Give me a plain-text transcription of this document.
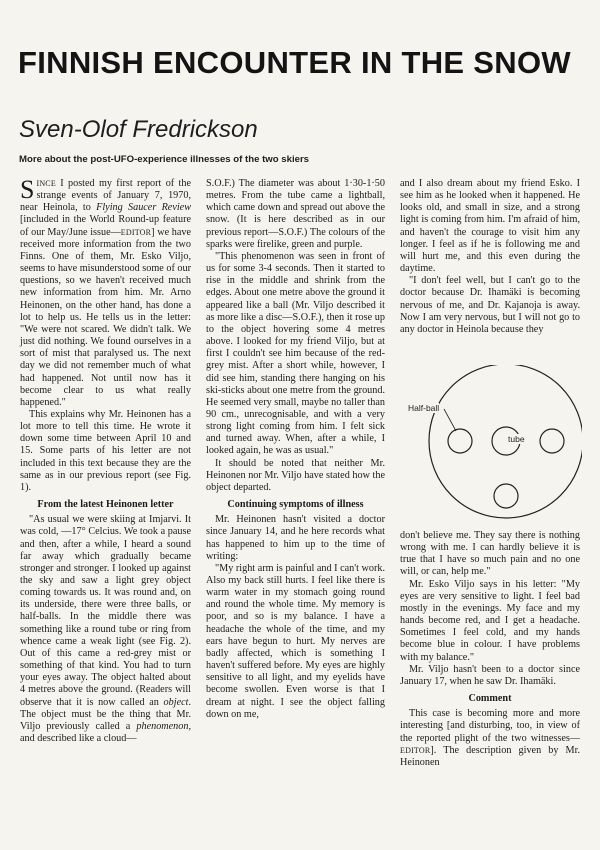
FINNISH ENCOUNTER IN THE SNOW
Sven-Olof Fredrickson
More about the post-UFO-experience illnesses of the two skiers

SINCE I posted my first report of the strange events of January 7, 1970, near Heinola, to Flying Saucer Review [included in the World Round-up feature of our May/June issue—EDITOR] we have received more information from the two Finns. One of them, Mr. Esko Viljo, seems to have misunderstood some of our questions, so we haven't received much new information from him. Mr. Arno Heinonen, on the other hand, has done a lot to help us. He tells us in the letter: "We were not scared. We didn't talk. We just did nothing. We found ourselves in a sort of mist that paralysed us. The next day we did not remember much of what had happened. Not until now has it become clear to us what really happened."

This explains why Mr. Heinonen has a lot more to tell this time. He wrote it down some time between April 10 and 15. Some parts of his letter are not included in this text because they are the same as in our previous report (see Fig. 1).

From the latest Heinonen letter

"As usual we were skiing at Imjarvi. It was cold, —17° Celcius. We took a pause and then, after a while, I heard a sound far away which gradually became stronger and stronger. I looked up against the sky and saw a light grey object coming towards us. It was round and, on its underside, there were three balls, or half-balls. In the middle there was something like a round tube or ring from whence came a weak light (see Fig. 2). Out of this came a red-grey mist or something of that kind. You had to turn your eyes away. The object halted about 4 metres above the ground. (Readers will observe that it is now called an object. The object must be the thing that Mr. Viljo previously called a phenomenon, and described like a cloud—

S.O.F.) The diameter was about 1·30-1·50 metres. From the tube came a lightball, which came down and spread out above the snow. (It is here described as in our previous report—S.O.F.) The colours of the sparks were firelike, green and purple.

"This phenomenon was seen in front of us for some 3-4 seconds. Then it started to rise in the middle and shrink from the edges. About one metre above the ground it appeared like a ball (Mr. Viljo described it as more like a disc—S.O.F.), then it rose up to the object hovering some 4 metres above. I looked for my friend Viljo, but at first I couldn't see him because of the red-grey mist. After a short while, however, I did see him, standing there hanging on his ski-sticks about one metre from the ground. He seemed very small, maybe no taller than 90 cm., unrecognisable, and with a very strong light coming from him. I felt sick and turned away. When, after a while, I looked again, he was as usual."

It should be noted that neither Mr. Heinonen nor Mr. Viljo have stated how the object departed.

Continuing symptoms of illness

Mr. Heinonen hasn't visited a doctor since January 14, and he here records what has happened to him up to the time of writing:

"My right arm is painful and I can't work. Also my back still hurts. I feel like there is warm water in my stomach going round and round the whole time. My memory is poor, and so is my balance. I have a headache the whole of the time, and my ears have begun to hurt. My nerves are badly affected, which is something I haven't suffered before. My eyes are highly sensitive to all light, and my eyelids have become swollen. Even worse is that I dream at night. I see the object falling down on me,

and I also dream about my friend Esko. I see him as he looked when it happened. He looks old, and small in size, and a strong light is coming from him. I'm afraid of him, and haven't the courage to visit him any longer. I feel as if he is following me and will hurt me, and this even during the daytime.

"I don't feel well, but I can't go to the doctor because Dr. Ihamäki is becoming nervous of me, and Dr. Kajanoja is away. Now I am very nervous, but I will not go to any doctor in Heinola because they

Half-ball
tube

don't believe me. They say there is nothing wrong with me. I can hardly believe it is true that I have so much pain and no one will, or can, help me."

Mr. Esko Viljo says in his letter: "My eyes are very sensitive to light. I feel bad mostly in the evenings. My face and my hands become red, and I get a headache. Sometimes I feel cold, and my hands become blue in colour. I have problems with my balance."

Mr. Viljo hasn't been to a doctor since January 17, when he saw Dr. Ihamäki.

Comment

This case is becoming more and more interesting [and disturbing, too, in view of the reported plight of the two witnesses—EDITOR]. The description given by Mr. Heinonen
